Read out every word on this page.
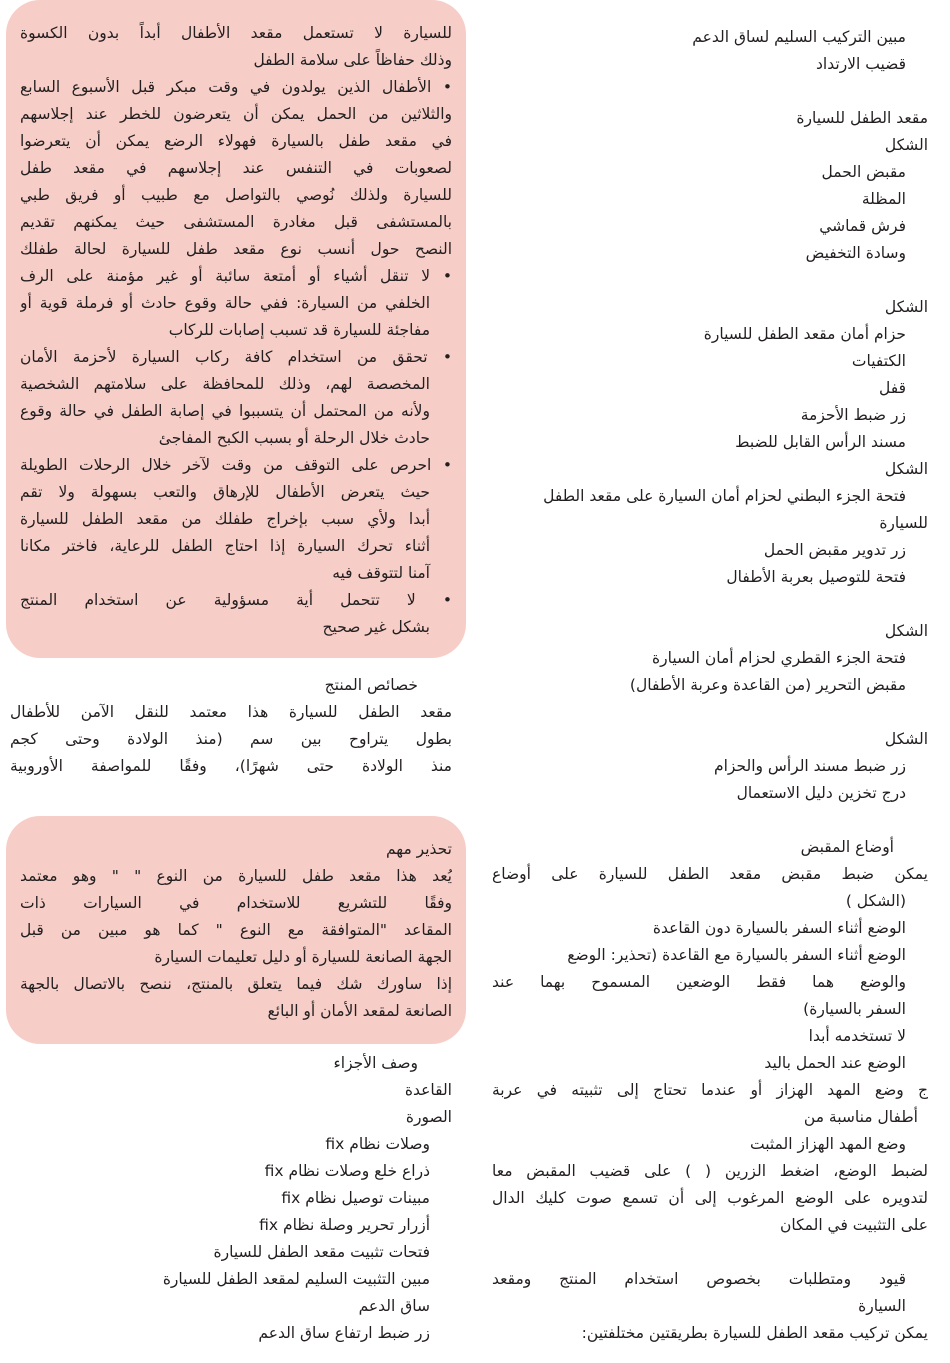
مبين التركيب السليم لساق الدعم
قضيب الارتداد
مقعد الطفل للسيارة
الشكل
مقبض الحمل
المظلة
فرش قماشي
وسادة التخفيض
الشكل
حزام أمان مقعد الطفل للسيارة
الكتفيات
قفل
زر ضبط الأحزمة
مسند الرأس القابل للضبط
الشكل
فتحة الجزء البطني لحزام أمان السيارة على مقعد الطفل
للسيارة
زر تدوير مقبض الحمل
فتحة للتوصيل بعربة الأطفال
الشكل
فتحة الجزء القطري لحزام أمان السيارة
مقبض التحرير (من القاعدة وعربة الأطفال)
الشكل
زر ضبط مسند الرأس والحزام
درج تخزين دليل الاستعمال
أوضاع المقبض
يمكن ضبط مقبض مقعد الطفل للسيارة على أوضاع
(الشكل )
الوضع أثناء السفر بالسيارة دون القاعدة
الوضع أثناء السفر بالسيارة مع القاعدة (تحذير: الوضع
والوضع هما فقط الوضعين المسموح بهما عند
السفر بالسيارة)
لا تستخدمه أبدا
الوضع عند الحمل باليد
ج وضع المهد الهزاز أو عندما تحتاج إلى تثبيته في عربة
أطفال مناسبة من
وضع المهد الهزاز المثبت
لضبط الوضع، اضغط الزرين ( ) على قضيب المقبض معا
لتدويره على الوضع المرغوب إلى أن تسمع صوت كليك الدال
على التثبيت في المكان
قيود ومتطلبات بخصوص استخدام المنتج ومقعد
السيارة
يمكن تركيب مقعد الطفل للسيارة بطريقتين مختلفتين:
للسيارة لا تستعمل مقعد الأطفال أبداً بدون الكسوة
وذلك حفاظاً على سلامة الطفل
• الأطفال الذين يولدون في وقت مبكر قبل الأسبوع السابع
والثلاثين من الحمل يمكن أن يتعرضون للخطر عند إجلاسهم
في مقعد طفل بالسيارة فهولاء الرضع يمكن أن يتعرضوا
لصعوبات في التنفس عند إجلاسهم في مقعد طفل
للسيارة ولذلك نُوصي بالتواصل مع طبيب أو فريق طبي
بالمستشفى قبل مغادرة المستشفى حيث يمكنهم تقديم
النصح حول أنسب نوع مقعد طفل للسيارة لحالة طفلك
• لا تنقل أشياء أو أمتعة سائبة أو غير مؤمنة على الرف
الخلفي من السيارة: ففي حالة وقوع حادث أو فرملة قوية أو
مفاجئة للسيارة قد تسبب إصابات للركاب
• تحقق من استخدام كافة ركاب السيارة لأحزمة الأمان
المخصصة لهم، وذلك للمحافظة على سلامتهم الشخصية
ولأنه من المحتمل أن يتسببوا في إصابة الطفل في حالة وقوع
حادث خلال الرحلة أو بسبب الكبح المفاجئ
• احرص على التوقف من وقت لآخر خلال الرحلات الطويلة
حيث يتعرض الأطفال للإرهاق والتعب بسهولة ولا تقم
أبدا ولأي سبب بإخراج طفلك من مقعد الطفل للسيارة
أثناء تحرك السيارة إذا احتاج الطفل للرعاية، فاختر مكانا
آمنا لتتوقف فيه
• لا تتحمل أية مسؤولية عن استخدام المنتج
بشكل غير صحيح
خصائص المنتج
مقعد الطفل للسيارة هذا معتمد للنقل الآمن للأطفال
بطول يتراوح بين سم (منذ الولادة وحتى كجم
منذ الولادة حتى شهرًا)، وفقًا للمواصفة الأوروبية
تحذير مهم
يُعد هذا مقعد طفل للسيارة من النوع " " وهو معتمد
وفقًا للتشريع للاستخدام في السيارات ذات
المقاعد "المتوافقة مع النوع " كما هو مبين من قبل
الجهة الصانعة للسيارة أو دليل تعليمات السيارة
إذا ساورك شك فيما يتعلق بالمنتج، ننصح بالاتصال بالجهة
الصانعة لمقعد الأمان أو البائع
وصف الأجزاء
القاعدة
الصورة
وصلات نظام fix
ذراع خلع وصلات نظام fix
مبينات توصيل نظام fix
أزرار تحرير وصلة نظام fix
فتحات تثبيت مقعد الطفل للسيارة
مبين التثبيت السليم لمقعد الطفل للسيارة
ساق الدعم
زر ضبط ارتفاع ساق الدعم
